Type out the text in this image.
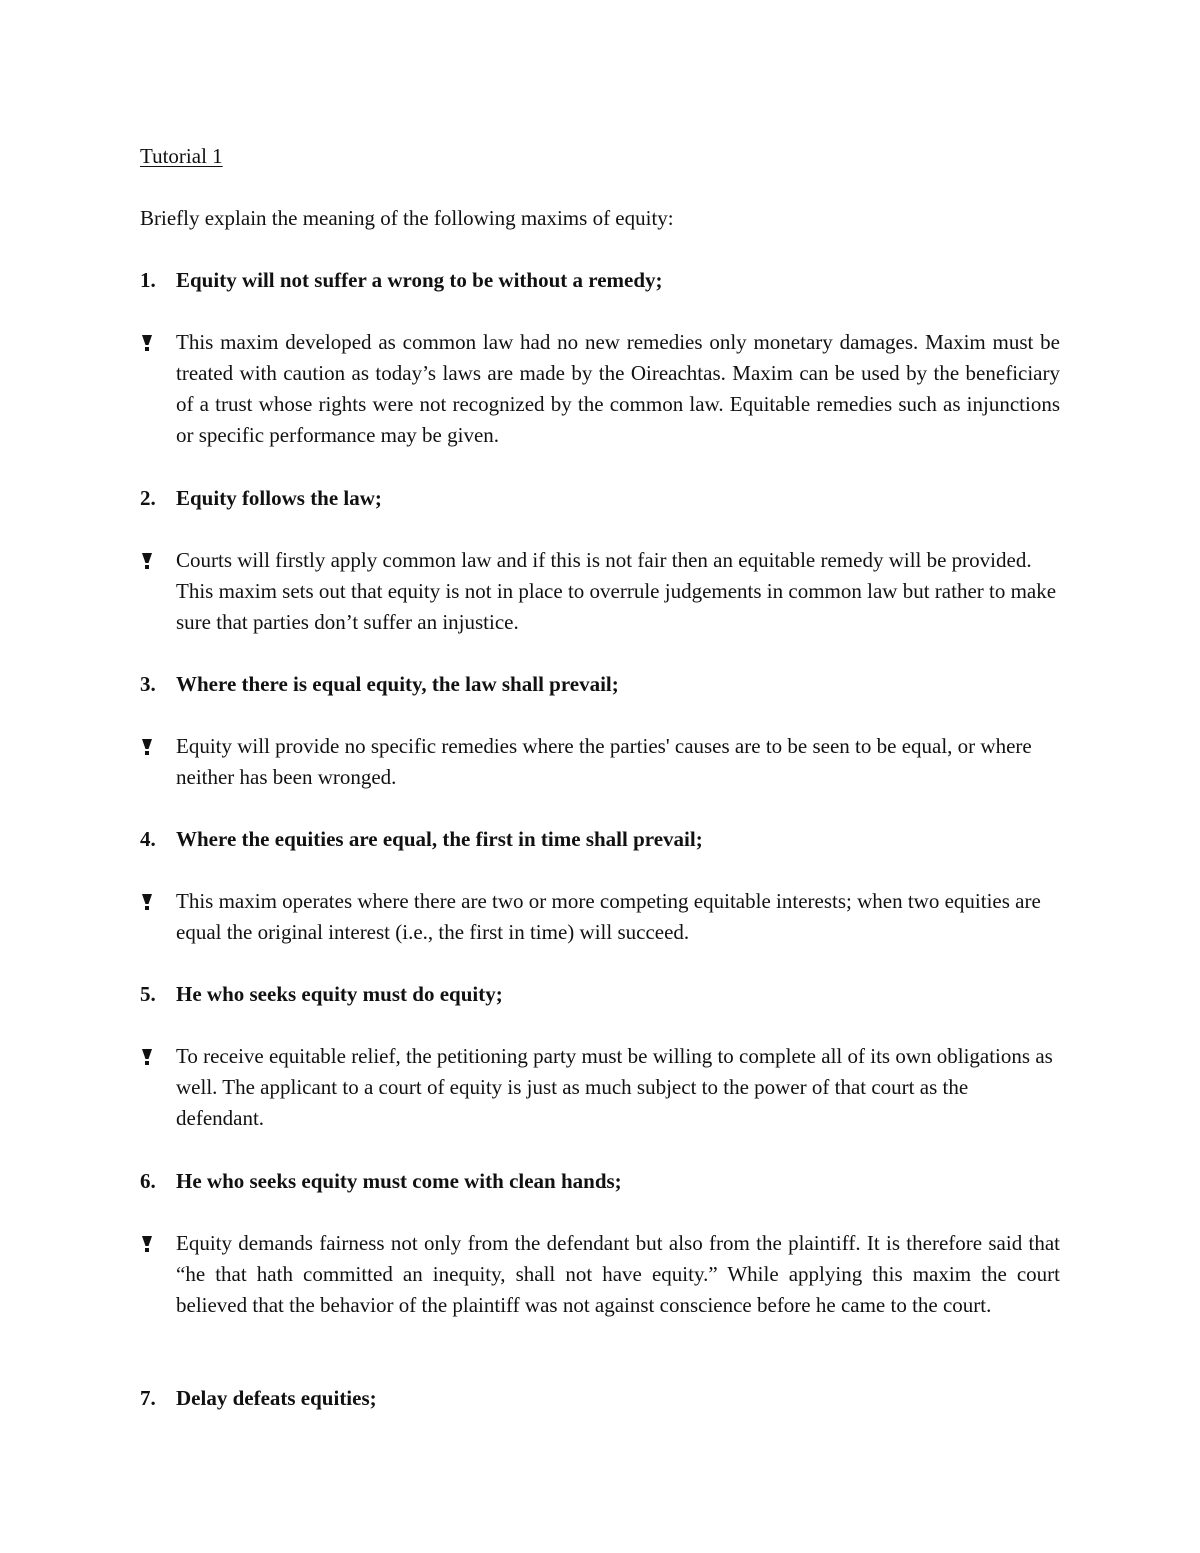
Tutorial 1

Briefly explain the meaning of the following maxims of equity:

1. Equity will not suffer a wrong to be without a remedy;
This maxim developed as common law had no new remedies only monetary damages. Maxim must be treated with caution as today’s laws are made by the Oireachtas. Maxim can be used by the beneficiary of a trust whose rights were not recognized by the common law. Equitable remedies such as injunctions or specific performance may be given.
2. Equity follows the law;
Courts will firstly apply common law and if this is not fair then an equitable remedy will be provided. This maxim sets out that equity is not in place to overrule judgements in common law but rather to make sure that parties don’t suffer an injustice.
3. Where there is equal equity, the law shall prevail;
Equity will provide no specific remedies where the parties' causes are to be seen to be equal, or where neither has been wronged.
4. Where the equities are equal, the first in time shall prevail;
This maxim operates where there are two or more competing equitable interests; when two equities are equal the original interest (i.e., the first in time) will succeed.
5. He who seeks equity must do equity;
To receive equitable relief, the petitioning party must be willing to complete all of its own obligations as well. The applicant to a court of equity is just as much subject to the power of that court as the defendant.
6. He who seeks equity must come with clean hands;
Equity demands fairness not only from the defendant but also from the plaintiff. It is therefore said that “he that hath committed an inequity, shall not have equity.” While applying this maxim the court believed that the behavior of the plaintiff was not against conscience before he came to the court.
7. Delay defeats equities;
